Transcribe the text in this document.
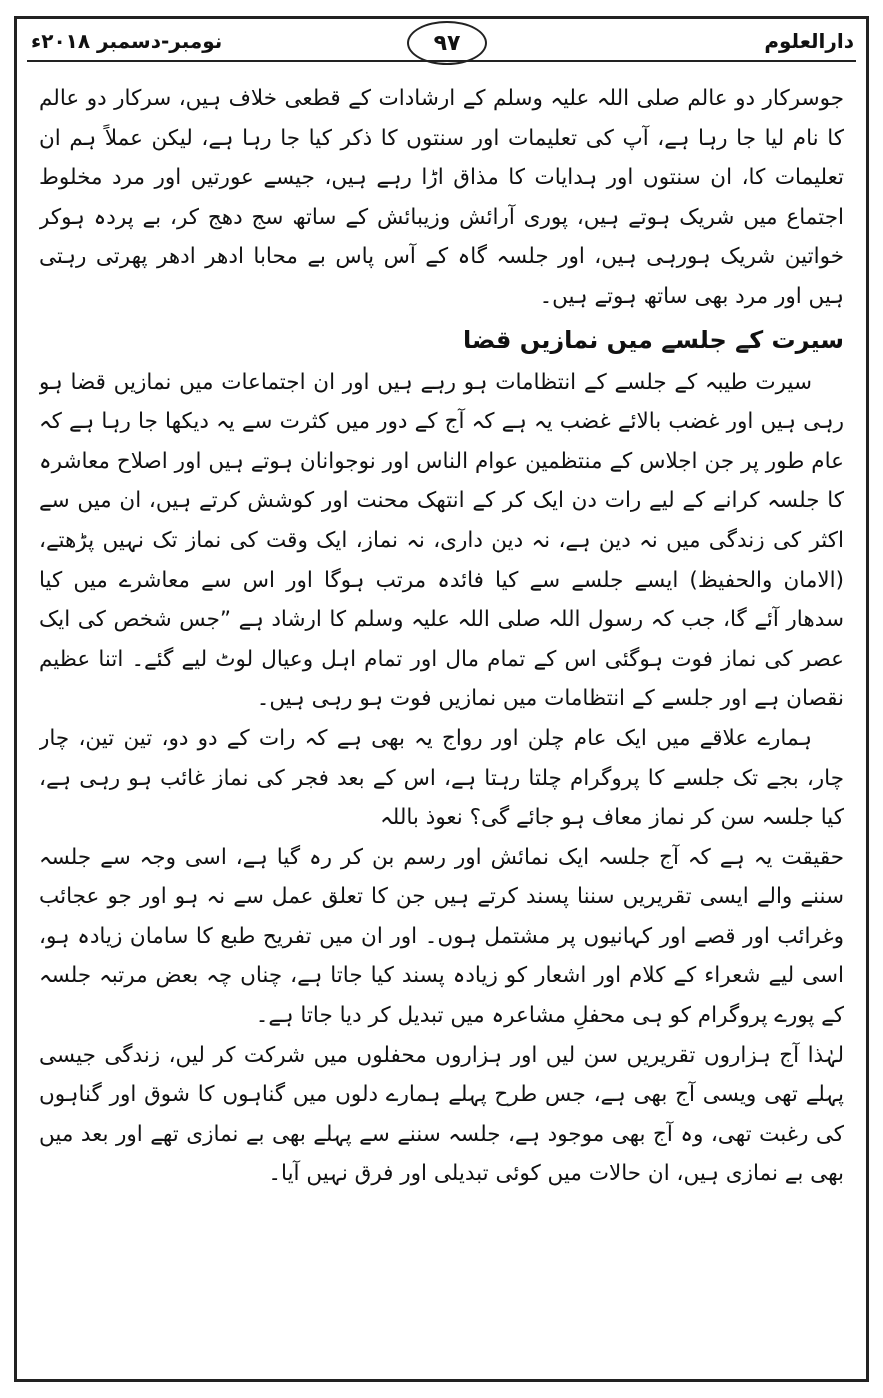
دارالعلوم
۹۷
نومبر-دسمبر ۲۰۱۸ء

جوسرکار دو عالم صلی اللہ علیہ وسلم کے ارشادات کے قطعی خلاف ہیں، سرکار دو عالم کا نام لیا جا رہا ہے، آپ کی تعلیمات اور سنتوں کا ذکر کیا جا رہا ہے، لیکن عملاً ہم ان تعلیمات کا، ان سنتوں اور ہدایات کا مذاق اڑا رہے ہیں، جیسے عورتیں اور مرد مخلوط اجتماع میں شریک ہوتے ہیں، پوری آرائش وزیبائش کے ساتھ سج دھج کر، بے پردہ ہوکر خواتین شریک ہورہی ہیں، اور جلسہ گاہ کے آس پاس بے محابا ادھر ادھر پھرتی رہتی ہیں اور مرد بھی ساتھ ہوتے ہیں۔

سیرت کے جلسے میں نمازیں قضا

سیرت طیبہ کے جلسے کے انتظامات ہو رہے ہیں اور ان اجتماعات میں نمازیں قضا ہو رہی ہیں اور غضب بالائے غضب یہ ہے کہ آج کے دور میں کثرت سے یہ دیکھا جا رہا ہے کہ عام طور پر جن اجلاس کے منتظمین عوام الناس اور نوجوانان ہوتے ہیں اور اصلاح معاشرہ کا جلسہ کرانے کے لیے رات دن ایک کر کے انتھک محنت اور کوشش کرتے ہیں، ان میں سے اکثر کی زندگی میں نہ دین ہے، نہ دین داری، نہ نماز، ایک وقت کی نماز تک نہیں پڑھتے، (الامان والحفیظ) ایسے جلسے سے کیا فائدہ مرتب ہوگا اور اس سے معاشرے میں کیا سدھار آئے گا، جب کہ رسول اللہ صلی اللہ علیہ وسلم کا ارشاد ہے ”جس شخص کی ایک عصر کی نماز فوت ہوگئی اس کے تمام مال اور تمام اہل وعیال لوٹ لیے گئے۔ اتنا عظیم نقصان ہے اور جلسے کے انتظامات میں نمازیں فوت ہو رہی ہیں۔

ہمارے علاقے میں ایک عام چلن اور رواج یہ بھی ہے کہ رات کے دو دو، تین تین، چار چار، بجے تک جلسے کا پروگرام چلتا رہتا ہے، اس کے بعد فجر کی نماز غائب ہو رہی ہے، کیا جلسہ سن کر نماز معاف ہو جائے گی؟ نعوذ باللہ

حقیقت یہ ہے کہ آج جلسہ ایک نمائش اور رسم بن کر رہ گیا ہے، اسی وجہ سے جلسہ سننے والے ایسی تقریریں سننا پسند کرتے ہیں جن کا تعلق عمل سے نہ ہو اور جو عجائب وغرائب اور قصے اور کہانیوں پر مشتمل ہوں۔ اور ان میں تفریح طبع کا سامان زیادہ ہو، اسی لیے شعراء کے کلام اور اشعار کو زیادہ پسند کیا جاتا ہے، چناں چہ بعض مرتبہ جلسہ کے پورے پروگرام کو ہی محفلِ مشاعرہ میں تبدیل کر دیا جاتا ہے۔

لہٰذا آج ہزاروں تقریریں سن لیں اور ہزاروں محفلوں میں شرکت کر لیں، زندگی جیسی پہلے تھی ویسی آج بھی ہے، جس طرح پہلے ہمارے دلوں میں گناہوں کا شوق اور گناہوں کی رغبت تھی، وہ آج بھی موجود ہے، جلسہ سننے سے پہلے بھی بے نمازی تھے اور بعد میں بھی بے نمازی ہیں، ان حالات میں کوئی تبدیلی اور فرق نہیں آیا۔
